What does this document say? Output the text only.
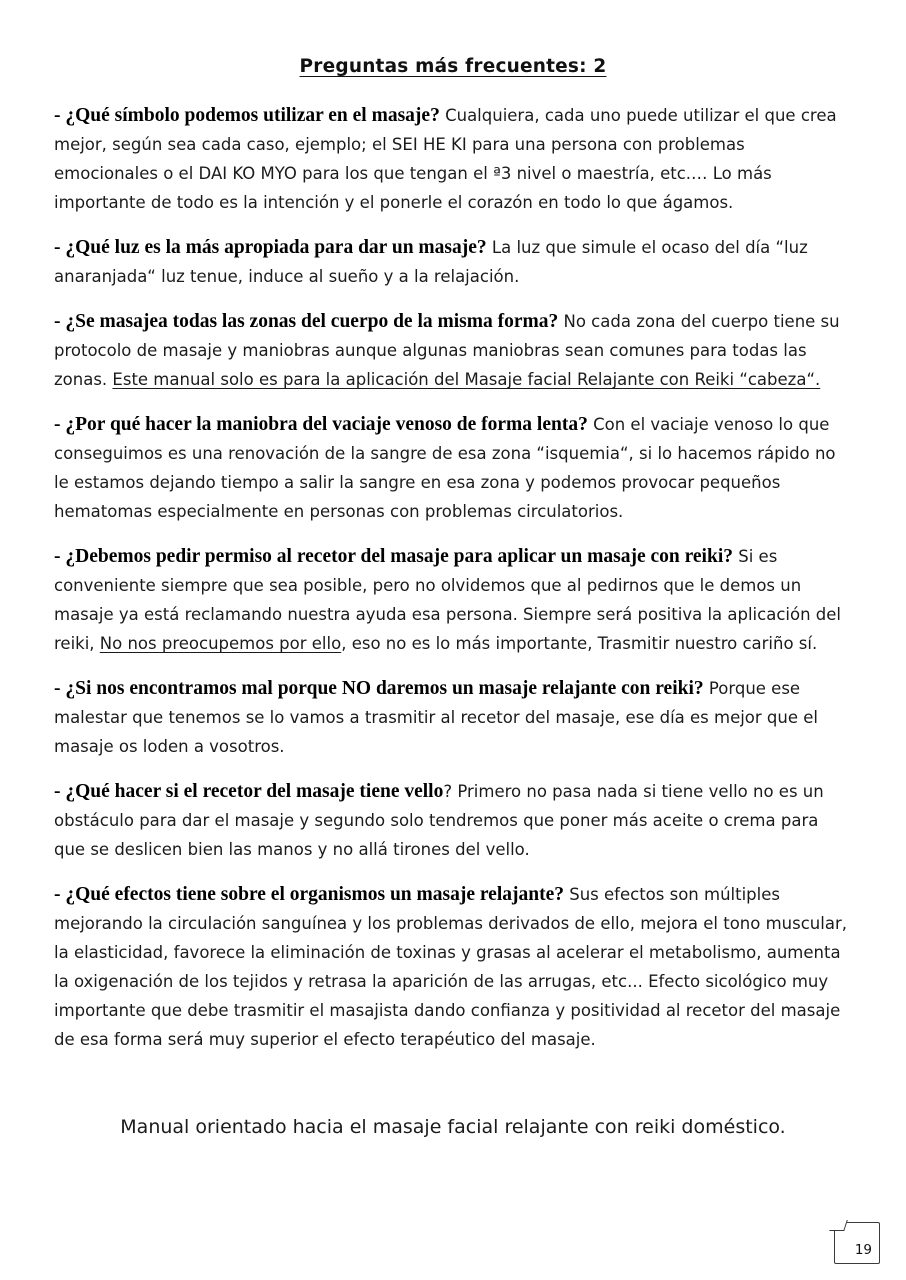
Preguntas más frecuentes: 2

- ¿Qué símbolo podemos utilizar en el masaje? Cualquiera, cada uno puede utilizar el que crea mejor, según sea cada caso, ejemplo; el SEI HE KI para una persona con problemas emocionales o el DAI KO MYO para los que tengan el ª3 nivel o maestría, etc.… Lo más importante de todo es la intención y el ponerle el corazón en todo lo que ágamos.

- ¿Qué luz es la más apropiada para dar un masaje? La luz que simule el ocaso del día “luz anaranjada“ luz tenue, induce al sueño y a la relajación.

- ¿Se masajea todas las zonas del cuerpo de la misma forma? No cada zona del cuerpo tiene su protocolo de masaje y maniobras aunque algunas maniobras sean comunes para todas las zonas. Este manual solo es para la aplicación del Masaje facial Relajante con Reiki “cabeza“.

- ¿Por qué hacer la maniobra del vaciaje venoso de forma lenta? Con el vaciaje venoso lo que conseguimos es una renovación de la sangre de esa zona “isquemia“, si lo hacemos rápido no le estamos dejando tiempo a salir la sangre en esa zona y podemos provocar pequeños hematomas especialmente en personas con problemas circulatorios.

- ¿Debemos pedir permiso al recetor del masaje para aplicar un masaje con reiki? Si es conveniente siempre que sea posible, pero no olvidemos que al pedirnos que le demos un masaje ya está reclamando nuestra ayuda esa persona. Siempre será positiva la aplicación del reiki, No nos preocupemos por ello, eso no es lo más importante, Trasmitir nuestro cariño sí.

- ¿Si nos encontramos mal porque NO daremos un masaje relajante con reiki? Porque ese malestar que tenemos se lo vamos a trasmitir al recetor del masaje, ese día es mejor que el masaje os loden a vosotros.

- ¿Qué hacer si el recetor del masaje tiene vello? Primero no pasa nada si tiene vello no es un obstáculo para dar el masaje y segundo solo tendremos que poner más aceite o crema para que se deslicen bien las manos y no allá tirones del vello.

- ¿Qué efectos tiene sobre el organismos un masaje relajante? Sus efectos son múltiples mejorando la circulación sanguínea y los problemas derivados de ello, mejora el tono muscular, la elasticidad, favorece la eliminación de toxinas y grasas al acelerar el metabolismo, aumenta la oxigenación de los tejidos y retrasa la aparición de las arrugas, etc... Efecto sicológico muy importante que debe trasmitir el masajista dando confianza y positividad al recetor del masaje de esa forma será muy superior el efecto terapéutico del masaje.

Manual orientado hacia el masaje facial relajante con reiki doméstico.
19
